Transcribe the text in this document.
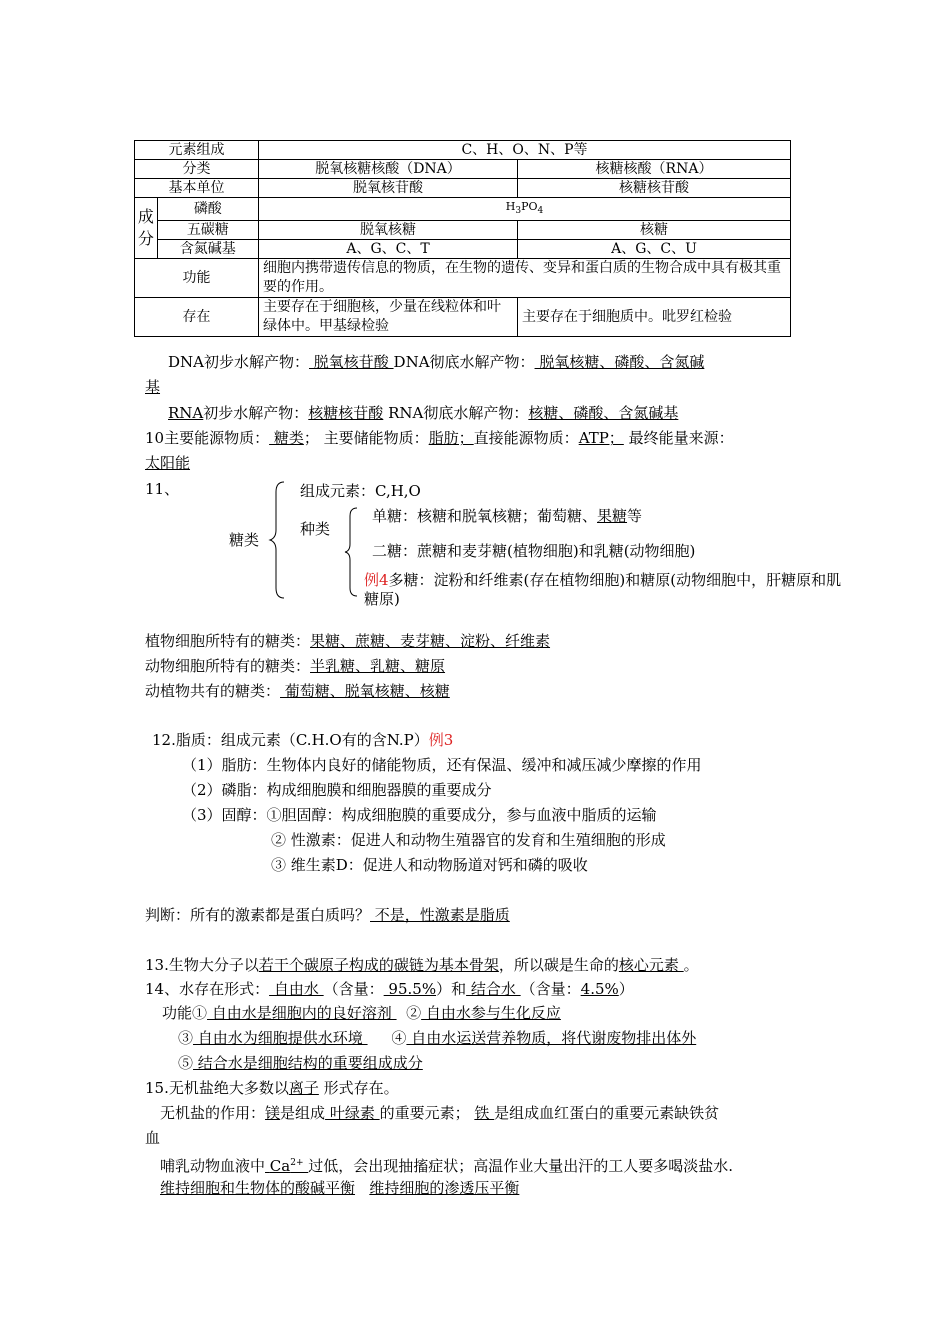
元素组成		C、H、O、N、P等	
分类		脱氧核糖核酸（DNA）	核糖核酸（RNA）
基本单位		脱氧核苷酸	核糖核苷酸
成分	磷酸	$H_3PO_4$
	五碳糖	脱氧核糖	核糖
	含氮碱基	A、G、C、T	A、G、C、U
功能		细胞内携带遗传信息的物质，在生物的遗传、变异和蛋白质的生物合成中具有极其重要的作用。	
存在		主要存在于细胞核，少量在线粒体和叶绿体中。甲基绿检验	主要存在于细胞质中。吡罗红检验
DNA初步水解产物： 脱氧核苷酸 DNA彻底水解产物： 脱氧核糖、磷酸、含氮碱
基
RNA初步水解产物：核糖核苷酸 RNA彻底水解产物：核糖、磷酸、含氮碱基
10主要能源物质： 糖类； 主要储能物质：脂肪；直接能源物质：ATP； 最终能量来源：
太阳能
11、
糖类
组成元素：C,H,O
种类
单糖：核糖和脱氧核糖；葡萄糖、果糖等
二糖：蔗糖和麦芽糖(植物细胞)和乳糖(动物细胞)
例4多糖：淀粉和纤维素(存在植物细胞)和糖原(动物细胞中，肝糖原和肌
糖原)
植物细胞所特有的糖类：果糖、蔗糖、麦芽糖、淀粉、纤维素
动物细胞所特有的糖类：半乳糖、乳糖、糖原
动植物共有的糖类： 葡萄糖、脱氧核糖、核糖
12.脂质：组成元素（C.H.O有的含N.P）例3
（1）脂肪：生物体内良好的储能物质，还有保温、缓冲和减压减少摩擦的作用
（2）磷脂：构成细胞膜和细胞器膜的重要成分
（3）固醇：①胆固醇：构成细胞膜的重要成分，参与血液中脂质的运输
② 性激素：促进人和动物生殖器官的发育和生殖细胞的形成
③ 维生素D：促进人和动物肠道对钙和磷的吸收
判断：所有的激素都是蛋白质吗？ 不是，性激素是脂质
13.生物大分子以若干个碳原子构成的碳链为基本骨架，所以碳是生命的核心元素 。
14、水存在形式： 自由水 （含量： 95.5%）和 结合水 （含量：4.5%）
功能① 自由水是细胞内的良好溶剂   ② 自由水参与生化反应
③ 自由水为细胞提供水环境      ④ 自由水运送营养物质，将代谢废物排出体外
⑤ 结合水是细胞结构的重要组成成分
15.无机盐绝大多数以离子 形式存在。
无机盐的作用：镁是组成 叶绿素 的重要元素； 铁 是组成血红蛋白的重要元素缺铁贫
血
哺乳动物血液中 $Ca^{2+}$ 过低，会出现抽搐症状；高温作业大量出汗的工人要多喝淡盐水.
维持细胞和生物体的酸碱平衡 维持细胞的渗透压平衡
